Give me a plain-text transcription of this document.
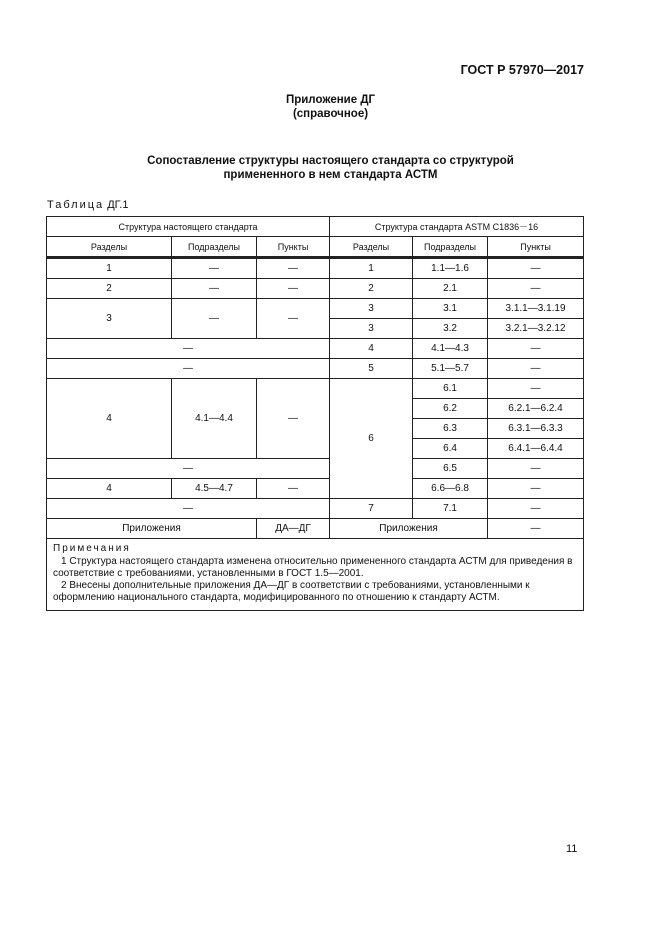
ГОСТ Р 57970—2017
Приложение ДГ
(справочное)
Сопоставление структуры настоящего стандарта со структурой
примененного в нем стандарта АСТМ
Таблица ДГ.1
Структура настоящего стандарта			Структура стандарта ASTM C1836－16		
Разделы	Подразделы	Пункты	Разделы	Подразделы	Пункты

1	—	—	1	1.1—1.6	—
2	—	—	2	2.1	—
3	—	—	3	3.1	3.1.1—3.1.19
			3	3.2	3.2.1—3.2.12
—			4	4.1—4.3	—
—			5	5.1—5.7	—
4	4.1—4.4	—	6	6.1	—
				6.2	6.2.1—6.2.4
				6.3	6.3.1—6.3.3
				6.4	6.4.1—6.4.4
—				6.5	—
4	4.5—4.7	—		6.6—6.8	—
—			7	7.1	—
Приложения		ДА—ДГ	Приложения		—

Примечания
1 Структура настоящего стандарта изменена относительно примененного стандарта АСТМ для приведения в соответствие с требованиями, установленными в ГОСТ 1.5—2001.
2 Внесены дополнительные приложения ДА—ДГ в соответствии с требованиями, установленными к оформлению национального стандарта, модифицированного по отношению к стандарту АСТМ.					
11
